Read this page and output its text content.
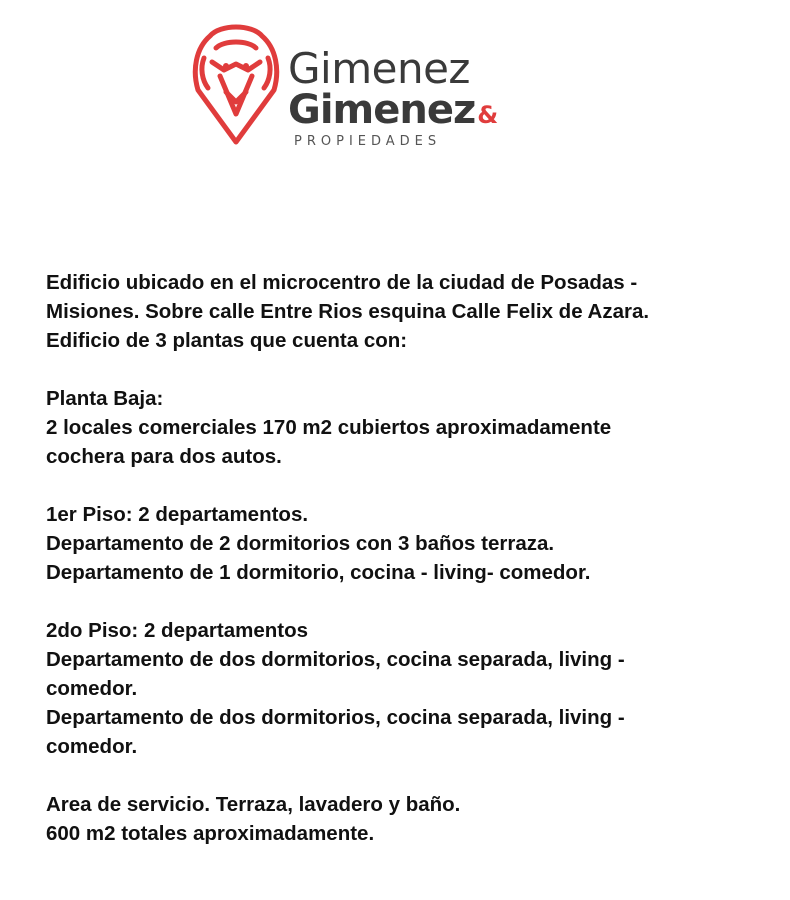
Gimenez
Gimenez&
PROPIEDADES
Edificio ubicado en el microcentro de la ciudad de Posadas -
Misiones. Sobre calle Entre Rios esquina Calle Felix de Azara.
Edificio de 3 plantas que cuenta con:
Planta Baja:
2 locales comerciales 170 m2 cubiertos aproximadamente
cochera para dos autos.
1er Piso: 2 departamentos.
Departamento de 2 dormitorios con 3 baños terraza.
Departamento de 1 dormitorio, cocina - living- comedor.
2do Piso: 2 departamentos
Departamento de dos dormitorios, cocina separada, living -
comedor.
Departamento de dos dormitorios, cocina separada, living -
comedor.
Area de servicio. Terraza, lavadero y baño.
600 m2 totales aproximadamente.
